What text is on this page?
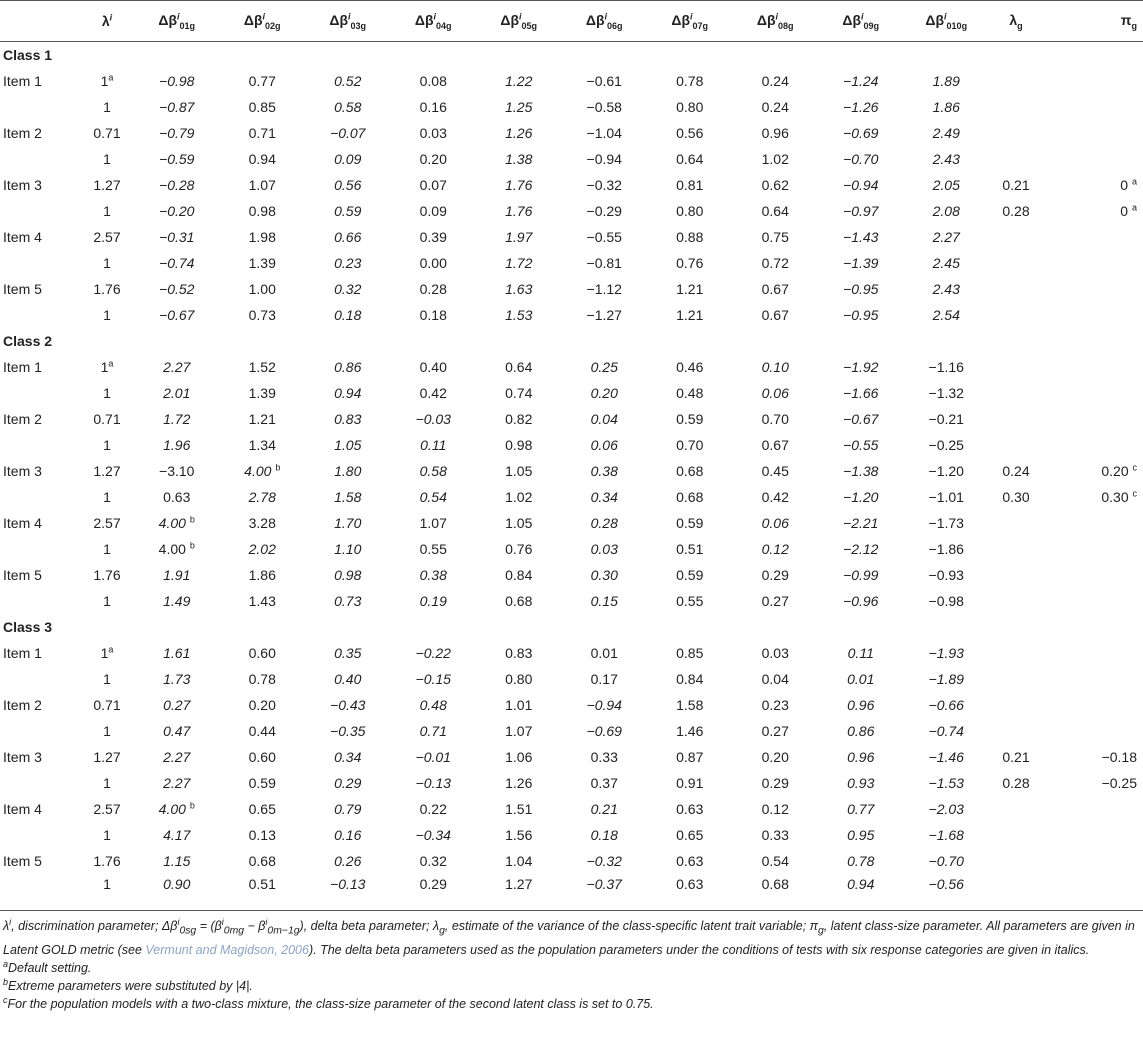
	$\lambda^i$	$\Delta\beta^i_{01g}$	$\Delta\beta^i_{02g}$	$\Delta\beta^i_{03g}$	$\Delta\beta^i_{04g}$	$\Delta\beta^i_{05g}$	$\Delta\beta^i_{06g}$	$\Delta\beta^i_{07g}$	$\Delta\beta^i_{08g}$	$\Delta\beta^i_{09g}$	$\Delta\beta^i_{010g}$	$\lambda_g$	$\pi_g$
Class 1													
Item 1	$1^a$	−0.98	0.77	0.52	0.08	1.22	−0.61	0.78	0.24	−1.24	1.89		
	1	−0.87	0.85	0.58	0.16	1.25	−0.58	0.80	0.24	−1.26	1.86		
Item 2	0.71	−0.79	0.71	−0.07	0.03	1.26	−1.04	0.56	0.96	−0.69	2.49		
	1	−0.59	0.94	0.09	0.20	1.38	−0.94	0.64	1.02	−0.70	2.43		
Item 3	1.27	−0.28	1.07	0.56	0.07	1.76	−0.32	0.81	0.62	−0.94	2.05	0.21	0 $^a$
	1	−0.20	0.98	0.59	0.09	1.76	−0.29	0.80	0.64	−0.97	2.08	0.28	0 $^a$
Item 4	2.57	−0.31	1.98	0.66	0.39	1.97	−0.55	0.88	0.75	−1.43	2.27		
	1	−0.74	1.39	0.23	0.00	1.72	−0.81	0.76	0.72	−1.39	2.45		
Item 5	1.76	−0.52	1.00	0.32	0.28	1.63	−1.12	1.21	0.67	−0.95	2.43		
	1	−0.67	0.73	0.18	0.18	1.53	−1.27	1.21	0.67	−0.95	2.54		
Class 2													
Item 1	1$^a$	2.27	1.52	0.86	0.40	0.64	0.25	0.46	0.10	−1.92	−1.16		
	1	2.01	1.39	0.94	0.42	0.74	0.20	0.48	0.06	−1.66	−1.32		
Item 2	0.71	1.72	1.21	0.83	−0.03	0.82	0.04	0.59	0.70	−0.67	−0.21		
	1	1.96	1.34	1.05	0.11	0.98	0.06	0.70	0.67	−0.55	−0.25		
Item 3	1.27	−3.10	4.00 $^b$	1.80	0.58	1.05	0.38	0.68	0.45	−1.38	−1.20	0.24	0.20 $^c$
	1	0.63	2.78	1.58	0.54	1.02	0.34	0.68	0.42	−1.20	−1.01	0.30	0.30 $^c$
Item 4	2.57	4.00 $^b$	3.28	1.70	1.07	1.05	0.28	0.59	0.06	−2.21	−1.73		
	1	4.00 $^b$	2.02	1.10	0.55	0.76	0.03	0.51	0.12	−2.12	−1.86		
Item 5	1.76	1.91	1.86	0.98	0.38	0.84	0.30	0.59	0.29	−0.99	−0.93		
	1	1.49	1.43	0.73	0.19	0.68	0.15	0.55	0.27	−0.96	−0.98		
Class 3													
Item 1	1$^a$	1.61	0.60	0.35	−0.22	0.83	0.01	0.85	0.03	0.11	−1.93		
	1	1.73	0.78	0.40	−0.15	0.80	0.17	0.84	0.04	0.01	−1.89		
Item 2	0.71	0.27	0.20	−0.43	0.48	1.01	−0.94	1.58	0.23	0.96	−0.66		
	1	0.47	0.44	−0.35	0.71	1.07	−0.69	1.46	0.27	0.86	−0.74		
Item 3	1.27	2.27	0.60	0.34	−0.01	1.06	0.33	0.87	0.20	0.96	−1.46	0.21	−0.18
	1	2.27	0.59	0.29	−0.13	1.26	0.37	0.91	0.29	0.93	−1.53	0.28	−0.25
Item 4	2.57	4.00 $^b$	0.65	0.79	0.22	1.51	0.21	0.63	0.12	0.77	−2.03		
	1	4.17	0.13	0.16	−0.34	1.56	0.18	0.65	0.33	0.95	−1.68		
Item 5	1.76	1.15	0.68	0.26	0.32	1.04	−0.32	0.63	0.54	0.78	−0.70		
	1	0.90	0.51	−0.13	0.29	1.27	−0.37	0.63	0.68	0.94	−0.56		

$\lambda^i$, discrimination parameter; $\Delta\beta^i_{0sg} = (\beta^i_{0mg} - \beta^i_{0m-1g})$, delta beta parameter; $\lambda_g$, estimate of the variance of the class-specific latent trait variable; $\pi_g$, latent class-size parameter. All parameters are given in Latent GOLD metric (see Vermunt and Magidson, 2006). The delta beta parameters used as the population parameters under the conditions of tests with six response categories are given in italics.

$^a$Default setting.

$^b$Extreme parameters were substituted by |4|.

$^c$For the population models with a two-class mixture, the class-size parameter of the second latent class is set to 0.75.
